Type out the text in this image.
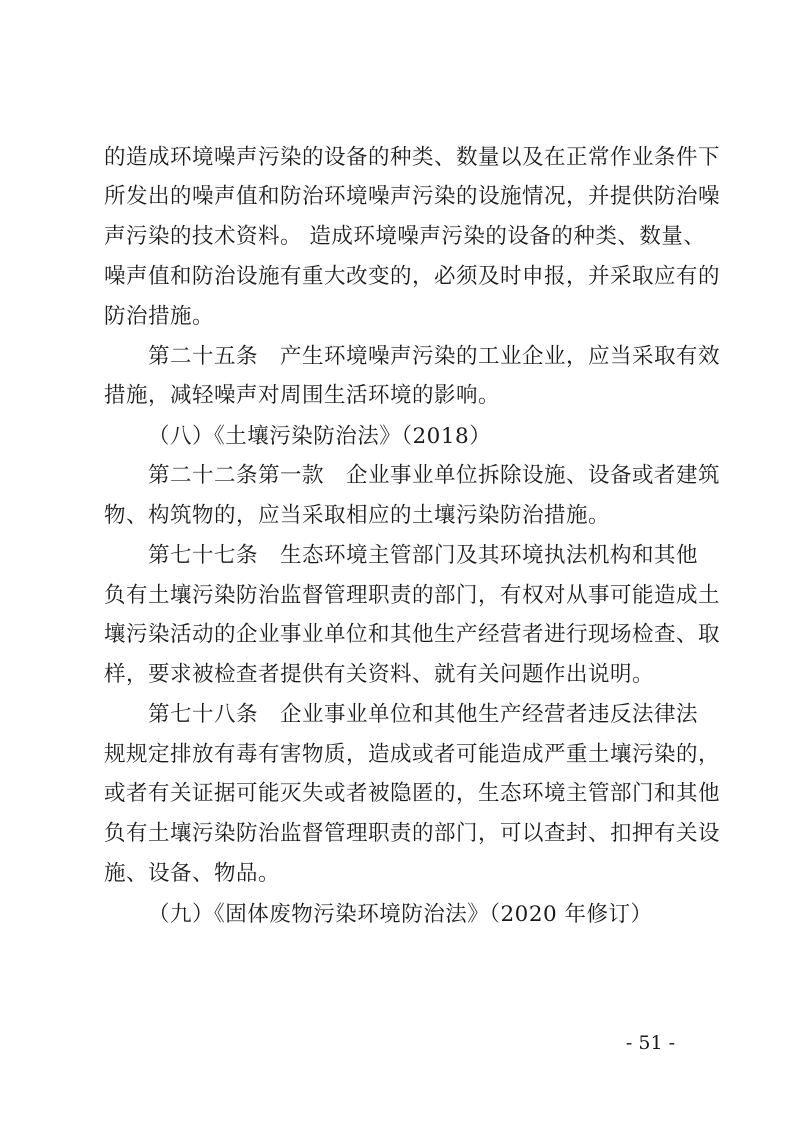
的造成环境噪声污染的设备的种类、数量以及在正常作业条件下
所发出的噪声值和防治环境噪声污染的设施情况，并提供防治噪
声污染的技术资料。 造成环境噪声污染的设备的种类、数量、
噪声值和防治设施有重大改变的，必须及时申报，并采取应有的
防治措施。
第二十五条　产生环境噪声污染的工业企业，应当采取有效
措施，减轻噪声对周围生活环境的影响。
（八）《土壤污染防治法》（2018）
第二十二条第一款　企业事业单位拆除设施、设备或者建筑
物、构筑物的，应当采取相应的土壤污染防治措施。
第七十七条　生态环境主管部门及其环境执法机构和其他
负有土壤污染防治监督管理职责的部门，有权对从事可能造成土
壤污染活动的企业事业单位和其他生产经营者进行现场检查、取
样，要求被检查者提供有关资料、就有关问题作出说明。
第七十八条　企业事业单位和其他生产经营者违反法律法
规规定排放有毒有害物质，造成或者可能造成严重土壤污染的，
或者有关证据可能灭失或者被隐匿的，生态环境主管部门和其他
负有土壤污染防治监督管理职责的部门，可以查封、扣押有关设
施、设备、物品。
（九）《固体废物污染环境防治法》（2020 年修订）
- 51 -
